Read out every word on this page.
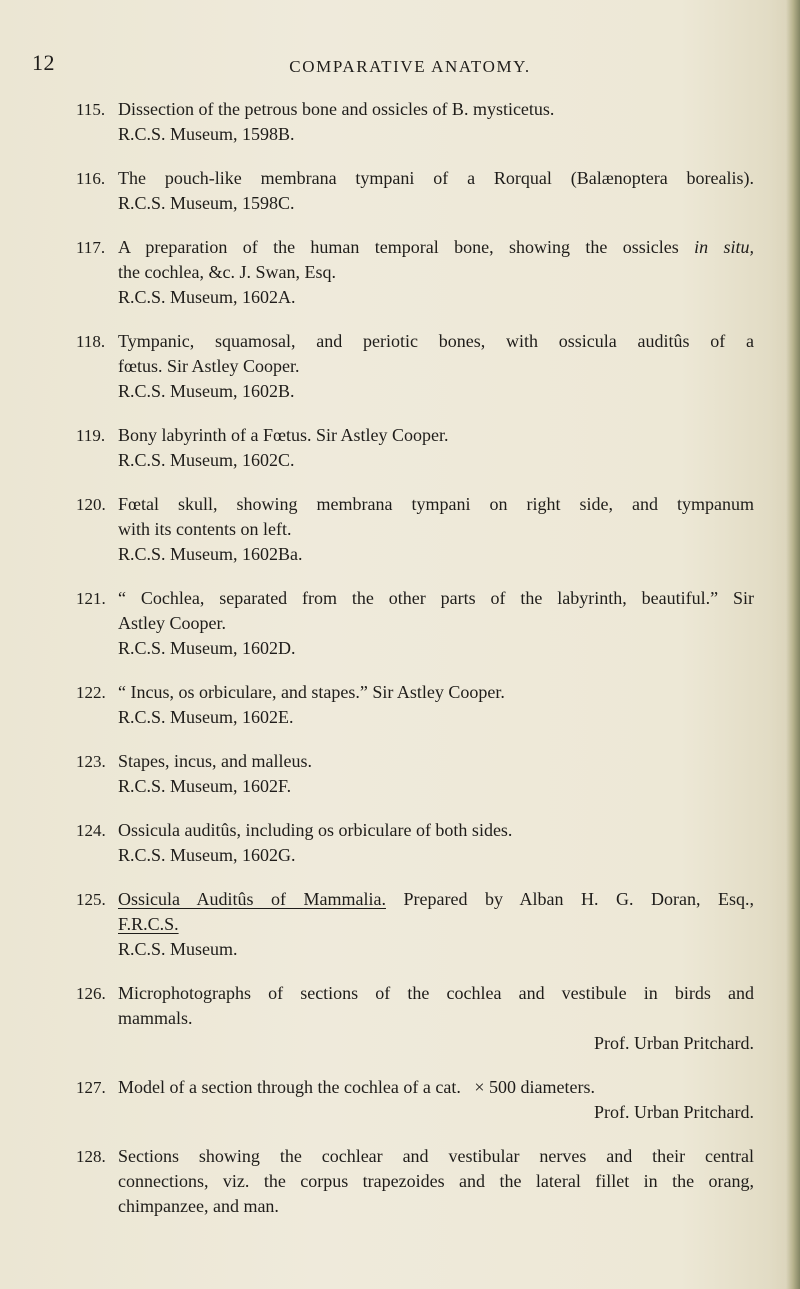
12	COMPARATIVE ANATOMY.
115. Dissection of the petrous bone and ossicles of B. mysticetus.
R.C.S. Museum, 1598B.
116. The pouch-like membrana tympani of a Rorqual (Balænoptera borealis).
R.C.S. Museum, 1598C.
117. A preparation of the human temporal bone, showing the ossicles in situ,
the cochlea, &c. J. Swan, Esq.
R.C.S. Museum, 1602A.
118. Tympanic, squamosal, and periotic bones, with ossicula auditûs of a
fœtus. Sir Astley Cooper.
R.C.S. Museum, 1602B.
119. Bony labyrinth of a Fœtus. Sir Astley Cooper.
R.C.S. Museum, 1602C.
120. Fœtal skull, showing membrana tympani on right side, and tympanum
with its contents on left.
R.C.S. Museum, 1602Ba.
121. “ Cochlea, separated from the other parts of the labyrinth, beautiful.” Sir
Astley Cooper.
R.C.S. Museum, 1602D.
122. “ Incus, os orbiculare, and stapes.” Sir Astley Cooper.
R.C.S. Museum, 1602E.
123. Stapes, incus, and malleus.
R.C.S. Museum, 1602F.
124. Ossicula auditûs, including os orbiculare of both sides.
R.C.S. Museum, 1602G.
125. Ossicula Auditûs of Mammalia. Prepared by Alban H. G. Doran, Esq.,
F.R.C.S.
R.C.S. Museum.
126. Microphotographs of sections of the cochlea and vestibule in birds and
mammals.
Prof. Urban Pritchard.
127. Model of a section through the cochlea of a cat.   × 500 diameters.
Prof. Urban Pritchard.
128. Sections showing the cochlear and vestibular nerves and their central
connections, viz. the corpus trapezoides and the lateral fillet in the orang,
chimpanzee, and man.
